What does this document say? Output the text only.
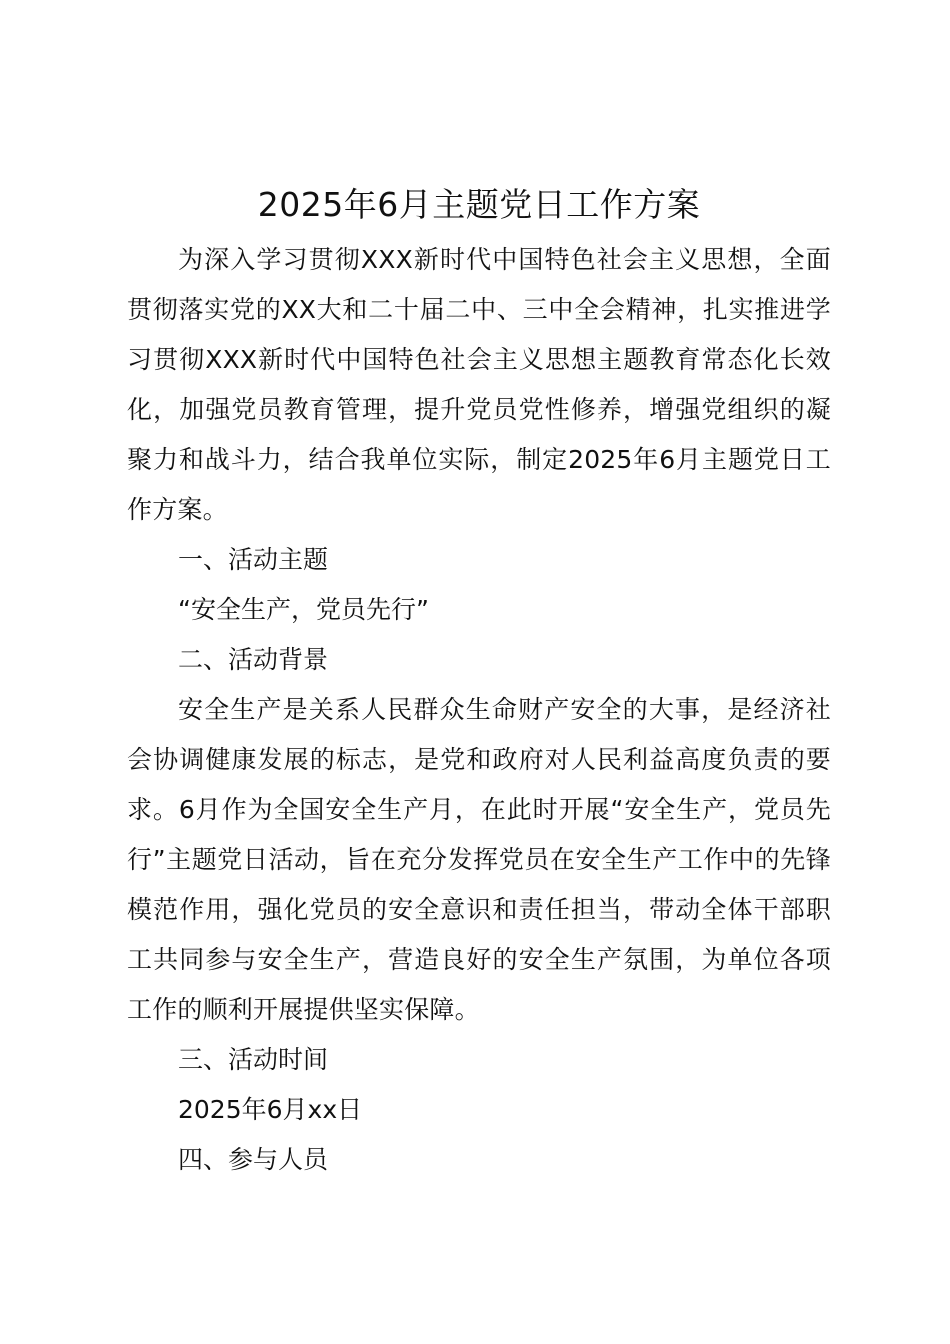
2025年6月主题党日工作方案

为深入学习贯彻XXX新时代中国特色社会主义思想，全面贯彻落实党的XX大和二十届二中、三中全会精神，扎实推进学习贯彻XXX新时代中国特色社会主义思想主题教育常态化长效化，加强党员教育管理，提升党员党性修养，增强党组织的凝聚力和战斗力，结合我单位实际，制定2025年6月主题党日工作方案。

一、活动主题

“安全生产，党员先行”

二、活动背景

安全生产是关系人民群众生命财产安全的大事，是经济社会协调健康发展的标志，是党和政府对人民利益高度负责的要求。6月作为全国安全生产月，在此时开展“安全生产，党员先行”主题党日活动，旨在充分发挥党员在安全生产工作中的先锋模范作用，强化党员的安全意识和责任担当，带动全体干部职工共同参与安全生产，营造良好的安全生产氛围，为单位各项工作的顺利开展提供坚实保障。

三、活动时间

2025年6月xx日

四、参与人员
